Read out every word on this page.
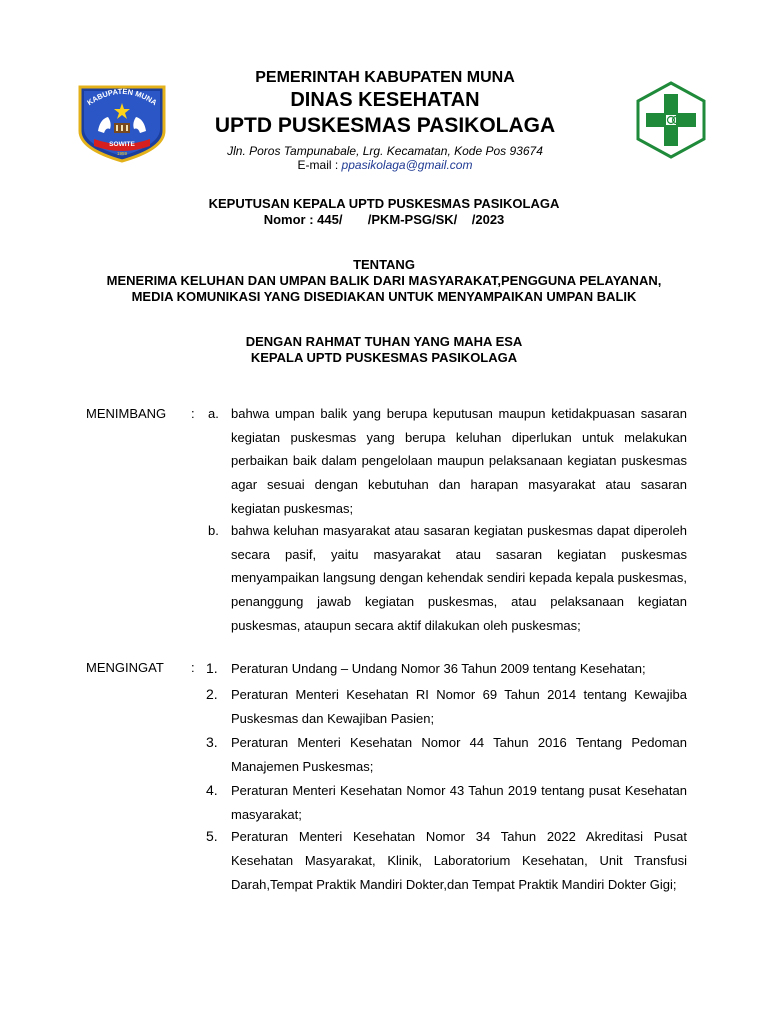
KABUPATEN MUNA
SOWITE
1959
PEMERINTAH KABUPATEN MUNA
DINAS KESEHATAN
UPTD PUSKESMAS PASIKOLAGA
Jln. Poros Tampunabale, Lrg. Kecamatan, Kode Pos 93674
E-mail : ppasikolaga@gmail.com
KEPUTUSAN KEPALA UPTD PUSKESMAS PASIKOLAGA
Nomor : 445/       /PKM-PSG/SK/    /2023
TENTANG
MENERIMA KELUHAN DAN UMPAN BALIK DARI MASYARAKAT,PENGGUNA PELAYANAN,
MEDIA KOMUNIKASI YANG DISEDIAKAN UNTUK MENYAMPAIKAN UMPAN BALIK
DENGAN RAHMAT TUHAN YANG MAHA ESA
KEPALA UPTD PUSKESMAS PASIKOLAGA
MENIMBANG : a. bahwa umpan balik yang berupa keputusan maupun ketidakpuasan sasaran kegiatan puskesmas yang berupa keluhan diperlukan untuk melakukan perbaikan baik dalam pengelolaan maupun pelaksanaan kegiatan puskesmas agar sesuai dengan kebutuhan dan harapan masyarakat atau sasaran kegiatan puskesmas;
b. bahwa keluhan masyarakat atau sasaran kegiatan puskesmas dapat diperoleh secara pasif, yaitu masyarakat atau sasaran kegiatan puskesmas menyampaikan langsung dengan kehendak sendiri kepada kepala puskesmas, penanggung jawab kegiatan puskesmas, atau pelaksanaan kegiatan puskesmas, ataupun secara aktif dilakukan oleh puskesmas;
MENGINGAT : 1. Peraturan Undang – Undang Nomor 36 Tahun 2009 tentang Kesehatan;
2. Peraturan Menteri Kesehatan RI Nomor 69 Tahun 2014 tentang Kewajiba Puskesmas dan Kewajiban Pasien;
3. Peraturan Menteri Kesehatan Nomor 44 Tahun 2016 Tentang Pedoman Manajemen Puskesmas;
4. Peraturan Menteri Kesehatan Nomor 43 Tahun 2019 tentang pusat Kesehatan masyarakat;
5. Peraturan Menteri Kesehatan Nomor 34 Tahun 2022 Akreditasi Pusat Kesehatan Masyarakat, Klinik, Laboratorium Kesehatan, Unit Transfusi Darah,Tempat Praktik Mandiri Dokter,dan Tempat Praktik Mandiri Dokter Gigi;
